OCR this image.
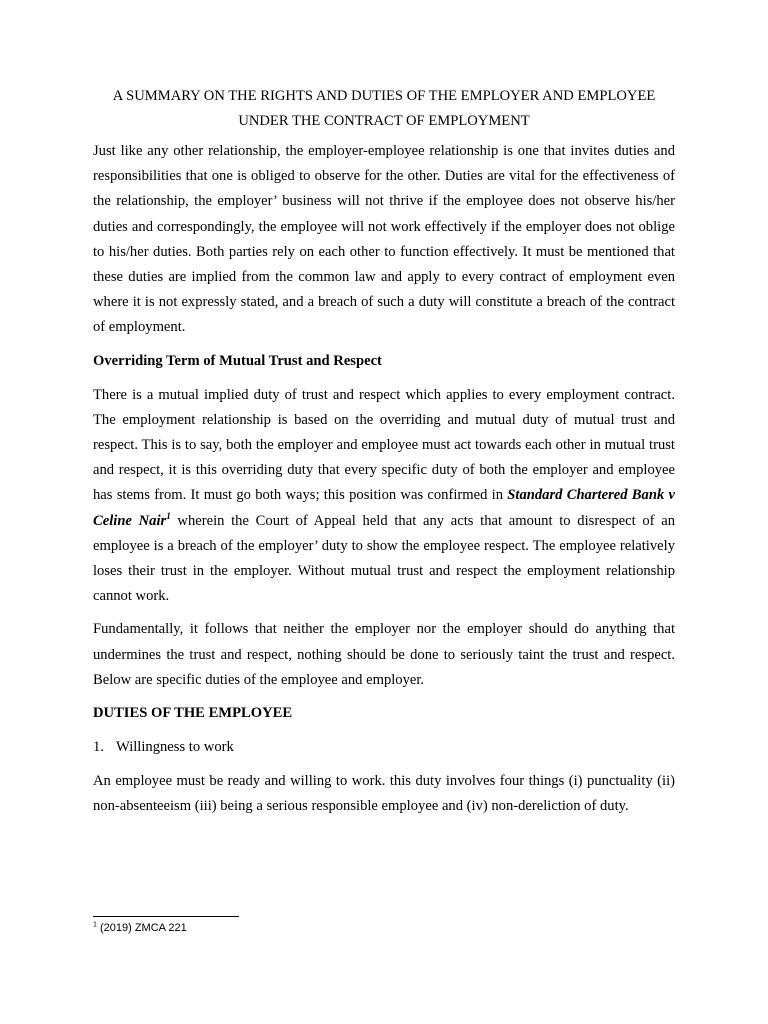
A SUMMARY ON THE RIGHTS AND DUTIES OF THE EMPLOYER AND EMPLOYEE
UNDER THE CONTRACT OF EMPLOYMENT

Just like any other relationship, the employer-employee relationship is one that invites duties and responsibilities that one is obliged to observe for the other. Duties are vital for the effectiveness of the relationship, the employer’ business will not thrive if the employee does not observe his/her duties and correspondingly, the employee will not work effectively if the employer does not oblige to his/her duties. Both parties rely on each other to function effectively. It must be mentioned that these duties are implied from the common law and apply to every contract of employment even where it is not expressly stated, and a breach of such a duty will constitute a breach of the contract of employment.

Overriding Term of Mutual Trust and Respect

There is a mutual implied duty of trust and respect which applies to every employment contract. The employment relationship is based on the overriding and mutual duty of mutual trust and respect. This is to say, both the employer and employee must act towards each other in mutual trust and respect, it is this overriding duty that every specific duty of both the employer and employee has stems from. It must go both ways; this position was confirmed in Standard Chartered Bank v Celine Nair$^1$ wherein the Court of Appeal held that any acts that amount to disrespect of an employee is a breach of the employer’ duty to show the employee respect. The employee relatively loses their trust in the employer. Without mutual trust and respect the employment relationship cannot work.

Fundamentally, it follows that neither the employer nor the employer should do anything that undermines the trust and respect, nothing should be done to seriously taint the trust and respect. Below are specific duties of the employee and employer.

DUTIES OF THE EMPLOYEE
1. Willingness to work

An employee must be ready and willing to work. this duty involves four things (i) punctuality (ii) non-absenteeism (iii) being a serious responsible employee and (iv) non-dereliction of duty.

$^1$ (2019) ZMCA 221
